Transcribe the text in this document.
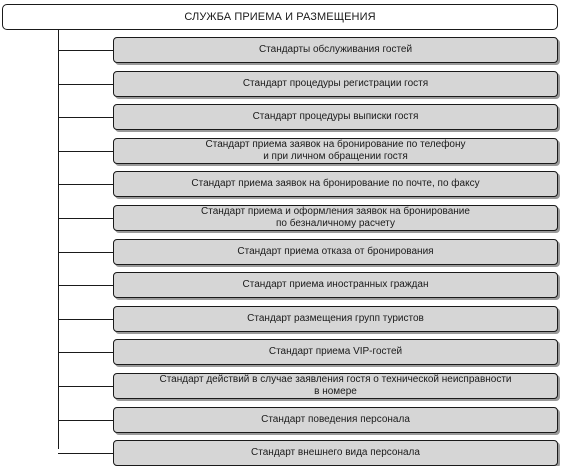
СЛУЖБА ПРИЕМА И РАЗМЕЩЕНИЯ
Стандарты обслуживания гостей
Стандарт процедуры регистрации гостя
Стандарт процедуры выписки гостя
Стандарт приема заявок на бронирование по телефону
и при личном обращении гостя
Стандарт приема заявок на бронирование по почте, по факсу
Стандарт приема и оформления заявок на бронирование
по безналичному расчету
Стандарт приема отказа от бронирования
Стандарт приема иностранных граждан
Стандарт размещения групп туристов
Стандарт приема VIP-гостей
Стандарт действий в случае заявления гостя о технической неисправности
в номере
Стандарт поведения персонала
Стандарт внешнего вида персонала
